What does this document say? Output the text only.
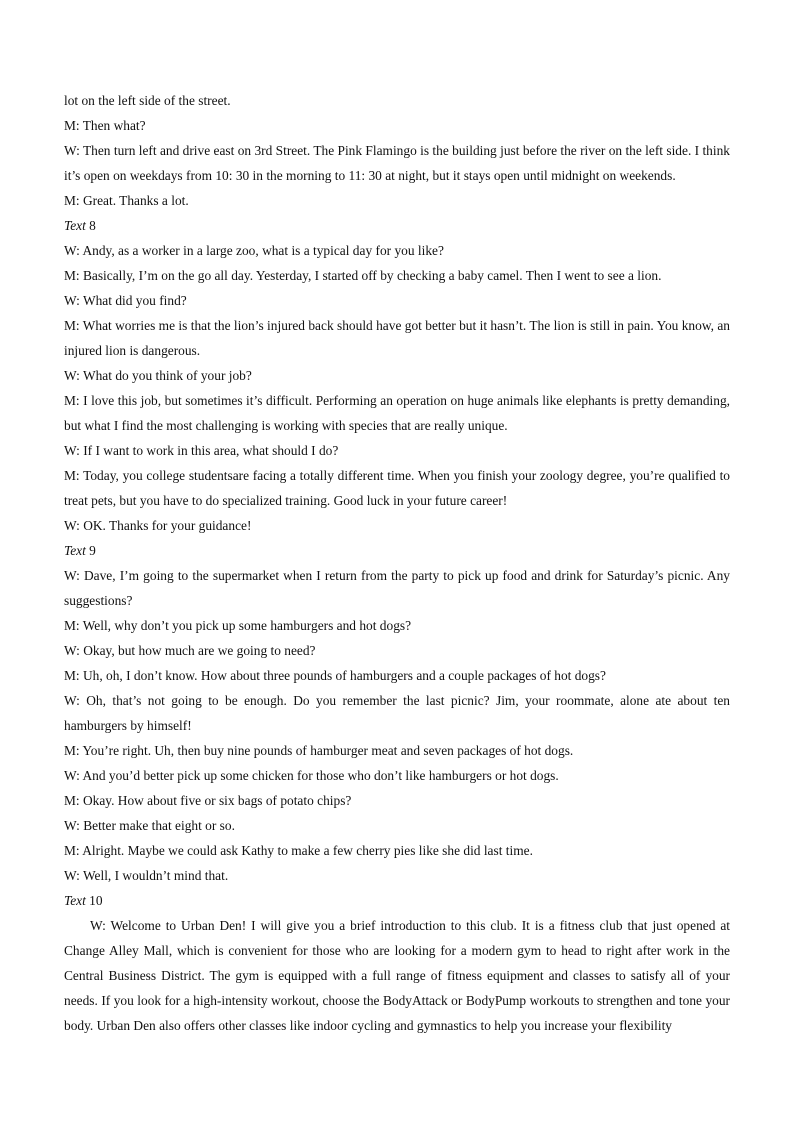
lot on the left side of the street.

M: Then what?

W: Then turn left and drive east on 3rd Street. The Pink Flamingo is the building just before the river on the left side. I think it’s open on weekdays from 10: 30 in the morning to 11: 30 at night, but it stays open until midnight on weekends.

M: Great. Thanks a lot.

Text 8

W: Andy, as a worker in a large zoo, what is a typical day for you like?

M: Basically, I’m on the go all day. Yesterday, I started off by checking a baby camel. Then I went to see a lion.

W: What did you find?

M: What worries me is that the lion’s injured back should have got better but it hasn’t. The lion is still in pain. You know, an injured lion is dangerous.

W: What do you think of your job?

M: I love this job, but sometimes it’s difficult. Performing an operation on huge animals like elephants is pretty demanding, but what I find the most challenging is working with species that are really unique.

W: If I want to work in this area, what should I do?

M: Today, you college studentsare facing a totally different time. When you finish your zoology degree, you’re qualified to treat pets, but you have to do specialized training. Good luck in your future career!

W: OK. Thanks for your guidance!

Text 9

W: Dave, I’m going to the supermarket when I return from the party to pick up food and drink for Saturday’s picnic. Any suggestions?

M: Well, why don’t you pick up some hamburgers and hot dogs?

W: Okay, but how much are we going to need?

M: Uh, oh, I don’t know. How about three pounds of hamburgers and a couple packages of hot dogs?

W: Oh, that’s not going to be enough. Do you remember the last picnic? Jim, your roommate, alone ate about ten hamburgers by himself!

M: You’re right. Uh, then buy nine pounds of hamburger meat and seven packages of hot dogs.

W: And you’d better pick up some chicken for those who don’t like hamburgers or hot dogs.

M: Okay. How about five or six bags of potato chips?

W: Better make that eight or so.

M: Alright. Maybe we could ask Kathy to make a few cherry pies like she did last time.

W: Well, I wouldn’t mind that.

Text 10

W: Welcome to Urban Den! I will give you a brief introduction to this club. It is a fitness club that just opened at Change Alley Mall, which is convenient for those who are looking for a modern gym to head to right after work in the Central Business District. The gym is equipped with a full range of fitness equipment and classes to satisfy all of your needs. If you look for a high-intensity workout, choose the BodyAttack or BodyPump workouts to strengthen and tone your body. Urban Den also offers other classes like indoor cycling and gymnastics to help you increase your flexibility
